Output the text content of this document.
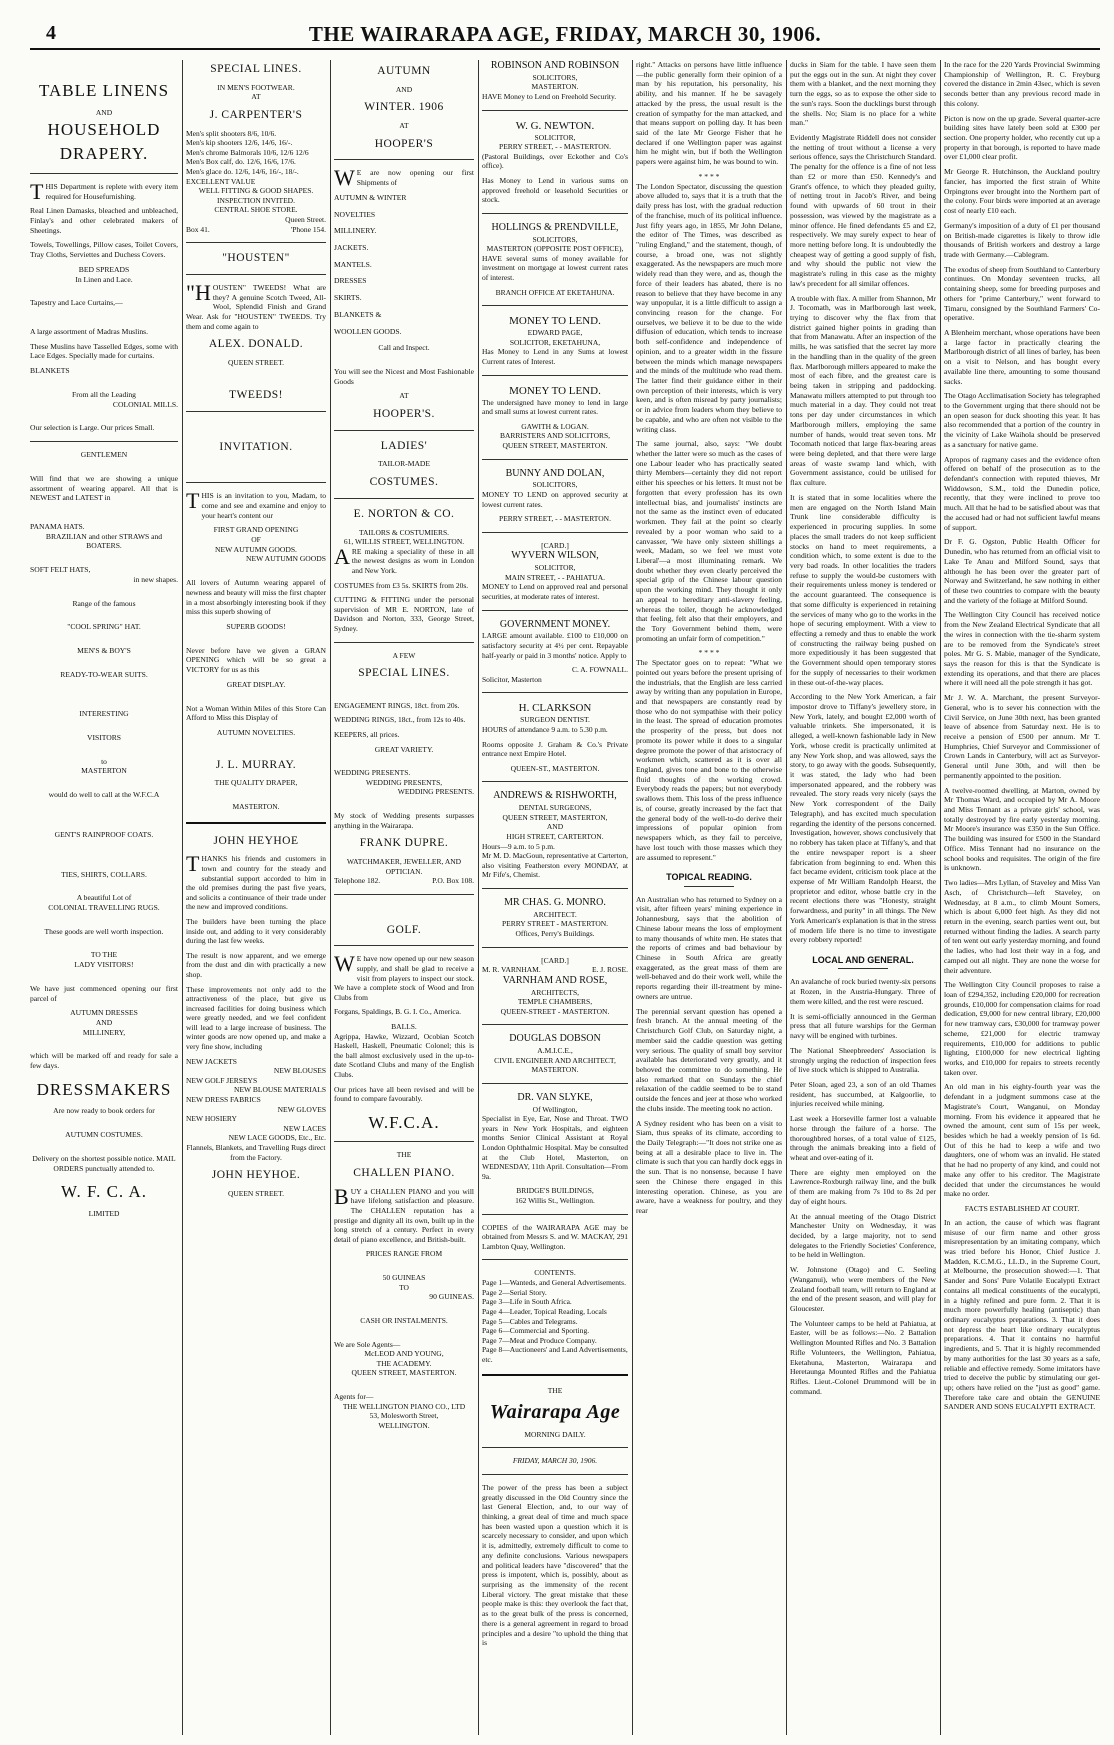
4	THE WAIRARAPA AGE, FRIDAY, MARCH 30, 1906.
TABLE LINENS
AND
HOUSEHOLD
DRAPERY.

THIS Department is replete with every item required for Housefurnishing.

Real Linen Damasks, bleached and unbleached, Finlay's and other celebrated makers of Sheetings.

Towels, Towellings, Pillow cases, Toilet Covers, Tray Cloths, Serviettes and Duchess Covers.

BED SPREADS
In Linen and Lace.

Tapestry and Lace Curtains,—

A large assortment of Madras Muslins.

These Muslins have Tasselled Edges, some with Lace Edges. Specially made for curtains.

BLANKETS
From all the Leading
COLONIAL MILLS.

Our selection is Large. Our prices Small.

GENTLEMEN

Will find that we are showing a unique assortment of wearing apparel. All that is NEWEST and LATEST in

PANAMA HATS.
BRAZILIAN and other STRAWS and BOATERS.
SOFT FELT HATS,
in new shapes.
Range of the famous
"COOL SPRING" HAT.
MEN'S & BOY'S
READY-TO-WEAR SUITS.
INTERESTING
VISITORS
to
MASTERTON
would do well to call at the W.F.C.A
GENT'S RAINPROOF COATS.
TIES, SHIRTS, COLLARS.
A beautiful Lot of
COLONIAL TRAVELLING RUGS.
These goods are well worth inspection.
TO THE
LADY VISITORS!

We have just commenced opening our first parcel of

AUTUMN DRESSES
AND
MILLINERY,

which will be marked off and ready for sale a few days.

DRESSMAKERS
Are now ready to book orders for
AUTUMN COSTUMES.

Delivery on the shortest possible notice. MAIL ORDERS punctually attended to.

W. F. C. A.
LIMITED
SPECIAL LINES.
IN MEN'S FOOTWEAR.
AT
J. CARPENTER'S
Men's split shooters 8/6, 10/6.
Men's kip shooters 12/6, 14/6, 16/-.
Men's chrome Balmorals 10/6, 12/6 12/6
Men's Box calf, do. 12/6, 16/6, 17/6.
Men's glace do. 12/6, 14/6, 16/-, 18/-.
EXCELLENT VALUE
WELL FITTING & GOOD SHAPES.
INSPECTION INVITED.
CENTRAL SHOE STORE.
Queen Street.
Box 41.	'Phone 154.
"HOUSTEN"

"HOUSTEN" TWEEDS! What are they? A genuine Scotch Tweed, All-Wool, Splendid Finish and Grand Wear. Ask for "HOUSTEN" TWEEDS. Try them and come again to

ALEX. DONALD.
QUEEN STREET.
TWEEDS!
INVITATION.

THIS is an invitation to you, Madam, to come and see and examine and enjoy to your heart's content our

FIRST GRAND OPENING
OF
NEW AUTUMN GOODS.
NEW AUTUMN GOODS

All lovers of Autumn wearing apparel of newness and beauty will miss the first chapter in a most absorbingly interesting book if they miss this superb showing of

SUPERB GOODS!

Never before have we given a GRAN OPENING which will be so great a VICTORY for us as this

GREAT DISPLAY.

Not a Woman Within Miles of this Store Can Afford to Miss this Display of

AUTUMN NOVELTIES.
J. L. MURRAY.
THE QUALITY DRAPER,
MASTERTON.
JOHN HEYHOE

THANKS his friends and customers in town and country for the steady and substantial support accorded to him in the old premises during the past five years, and solicits a continuance of their trade under the new and improved conditions.

The builders have been turning the place inside out, and adding to it very considerably during the last few weeks.

The result is now apparent, and we emerge from the dust and din with practically a new shop.

These improvements not only add to the attractiveness of the place, but give us increased facilities for doing business which were greatly needed, and we feel confident will lead to a large increase of business. The winter goods are now opened up, and make a very fine show, including

NEW JACKETS
NEW BLOUSES
NEW GOLF JERSEYS
NEW BLOUSE MATERIALS
NEW DRESS FABRICS
NEW GLOVES
NEW HOSIERY
NEW LACES
NEW LACE GOODS, Etc., Etc.

Flannels, Blankets, and Travelling Rugs direct from the Factory.

JOHN HEYHOE.
QUEEN STREET.
AUTUMN
AND
WINTER. 1906
AT
HOOPER'S

WE are now opening our first Shipments of

AUTUMN & WINTER
NOVELTIES
MILLINERY.
JACKETS.
MANTELS.
DRESSES
SKIRTS.
BLANKETS &
WOOLLEN GOODS.
Call and Inspect.

You will see the Nicest and Most Fashionable Goods

AT
HOOPER'S.
LADIES'
TAILOR-MADE
COSTUMES.
E. NORTON & CO.
TAILORS & COSTUMIERS.
61, WILLIS STREET, WELLINGTON.

ARE making a speciality of these in all the newest designs as worn in London and New York.

COSTUMES from £3 5s. SKIRTS from 20s.

CUTTING & FITTING under the personal supervision of MR E. NORTON, late of Davidson and Norton, 333, George Street, Sydney.

A FEW
SPECIAL LINES.

ENGAGEMENT RINGS, 18ct. from 20s.

WEDDING RINGS, 18ct., from 12s to 40s.

KEEPERS, all prices.

GREAT VARIETY.
WEDDING PRESENTS.
WEDDING PRESENTS,
WEDDING PRESENTS.

My stock of Wedding presents surpasses anything in the Wairarapa.

FRANK DUPRE.
WATCHMAKER, JEWELLER, AND OPTICIAN.
Telephone 182.	P.O. Box 108.
GOLF.

WE have now opened up our new season supply, and shall be glad to receive a visit from players to inspect our stock. We have a complete stock of Wood and Iron Clubs from

Forgans, Spaldings, B. G. I. Co., America.

BALLS.

Agrippa, Hawke, Wizzard, Ocobian Scotch Haskell, Haskell, Pneumatic Colonel; this is the ball almost exclusively used in the up-to-date Scotland Clubs and many of the English Clubs.

Our prices have all been revised and will be found to compare favourably.

W.F.C.A.
THE
CHALLEN PIANO.

BUY a CHALLEN PIANO and you will have lifelong satisfaction and pleasure. The CHALLEN reputation has a prestige and dignity all its own, built up in the long stretch of a century. Perfect in every detail of piano excellence, and British-built.

PRICES RANGE FROM
50 GUINEAS
TO
90 GUINEAS.
CASH OR INSTALMENTS.
We are Sole Agents—
McLEOD AND YOUNG,
THE ACADEMY.
QUEEN STREET, MASTERTON.
Agents for—
THE WELLINGTON PIANO CO., LTD
53, Molesworth Street,
WELLINGTON.
ROBINSON AND ROBINSON
SOLICITORS,
MASTERTON.

HAVE Money to Lend on Freehold Security.

W. G. NEWTON.
SOLICITOR,
PERRY STREET, - - MASTERTON.

(Pastoral Buildings, over Eckother and Co's office).

Has Money to Lend in various sums on approved freehold or leasehold Securities or stock.

HOLLINGS & PRENDVILLE,
SOLICITORS,
MASTERTON (OPPOSITE POST OFFICE),

HAVE several sums of money available for investment on mortgage at lowest current rates of interest.

BRANCH OFFICE AT EKETAHUNA.
MONEY TO LEND.
EDWARD PAGE,
SOLICITOR, EKETAHUNA,

Has Money to Lend in any Sums at lowest Current rates of Interest.

MONEY TO LEND.

The undersigned have money to lend in large and small sums at lowest current rates.

GAWITH & LOGAN.
BARRISTERS AND SOLICITORS,
QUEEN STREET, MASTERTON.
BUNNY AND DOLAN,
SOLICITORS,

MONEY TO LEND on approved security at lowest current rates.

PERRY STREET, - - MASTERTON.
[CARD.]
WYVERN WILSON,
SOLICITOR,
MAIN STREET, - - PAHIATUA.

MONEY to Lend on approved real and personal securities, at moderate rates of interest.

GOVERNMENT MONEY.

LARGE amount available. £100 to £10,000 on satisfactory security at 4½ per cent. Repayable half-yearly or paid in 3 months' notice. Apply to

C. A. FOWNALL.
Solicitor, Masterton
H. CLARKSON
SURGEON DENTIST.

HOURS of attendance 9 a.m. to 5.30 p.m.

Rooms opposite J. Graham & Co.'s Private entrance next Empire Hotel.

QUEEN-ST., MASTERTON.
ANDREWS & RISHWORTH,
DENTAL SURGEONS,
QUEEN STREET, MASTERTON,
AND
HIGH STREET, CARTERTON.
Hours—9 a.m. to 5 p.m.

Mr M. D. MacGoun, representative at Carterton, also visiting Featherston every MONDAY, at Mr Fife's, Chemist.

MR CHAS. G. MONRO.
ARCHITECT.
PERRY STREET - MASTERTON.
Offices, Perry's Buildings.
[CARD.]
M. R. VARNHAM.	E. J. ROSE.
VARNHAM AND ROSE,
ARCHITECTS,
TEMPLE CHAMBERS,
QUEEN-STREET - MASTERTON.
DOUGLAS DOBSON
A.M.I.C.E.,
CIVIL ENGINEER AND ARCHITECT,
MASTERTON.
DR. VAN SLYKE,
Of Wellington,

Specialist in Eye, Ear, Nose and Throat. TWO years in New York Hospitals, and eighteen months Senior Clinical Assistant at Royal London Ophthalmic Hospital. May be consulted at the Club Hotel, Masterton, on WEDNESDAY, 11th April. Consultation—From 9a.

BRIDGE'S BUILDINGS,
162 Willis St., Wellington.

COPIES of the WAIRARAPA AGE may be obtained from Messrs S. and W. MACKAY, 291 Lambton Quay, Wellington.

CONTENTS.
Page 1—Wanteds, and General Advertisements.
Page 2—Serial Story.
Page 3—Life in South Africa.
Page 4—Leader, Topical Reading, Locals
Page 5—Cables and Telegrams.
Page 6—Commercial and Sporting.
Page 7—Meat and Produce Company.
Page 8—Auctioneers' and Land Advertisements, etc.
THE
Wairarapa Age
MORNING DAILY.
FRIDAY, MARCH 30, 1906.

The power of the press has been a subject greatly discussed in the Old Country since the last General Election, and, to our way of thinking, a great deal of time and much space has been wasted upon a question which it is scarcely necessary to consider, and upon which it is, admittedly, extremely difficult to come to any definite conclusions. Various newspapers and political leaders have "discovered" that the press is impotent, which is, possibly, about as surprising as the immensity of the recent Liberal victory. The great mistake that these people make is this: they overlook the fact that, as to the great bulk of the press is concerned, there is a general agreement in regard to broad principles and a desire "to uphold the thing that is

right." Attacks on persons have little influence—the public generally form their opinion of a man by his reputation, his personality, his ability, and his manner. If he be savagely attacked by the press, the usual result is the creation of sympathy for the man attacked, and that means support on polling day. It has been said of the late Mr George Fisher that he declared if one Wellington paper was against him he might win, but if both the Wellington papers were against him, he was bound to win.

* * * *

The London Spectator, discussing the question above alluded to, says that it is a truth that the daily press has lost, with the gradual reduction of the franchise, much of its political influence. Just fifty years ago, in 1855, Mr John Delane, the editor of The Times, was described as "ruling England," and the statement, though, of course, a broad one, was not slightly exaggerated. As the newspapers are much more widely read than they were, and as, though the force of their leaders has abated, there is no reason to believe that they have become in any way unpopular, it is a little difficult to assign a convincing reason for the change. For ourselves, we believe it to be due to the wide diffusion of education, which tends to increase both self-confidence and independence of opinion, and to a greater width in the fissure between the minds which manage newspapers and the minds of the multitude who read them. The latter find their guidance either in their own perception of their interests, which is very keen, and is often misread by party journalists; or in advice from leaders whom they believe to be capable, and who are often not visible to the writing class.

The same journal, also, says: "We doubt whether the latter were so much as the cases of one Labour leader who has practically seated thirty Members—certainly they did not report either his speeches or his letters. It must not be forgotten that every profession has its own intellectual bias, and journalists' instincts are not the same as the instinct even of educated workmen. They fail at the point so clearly revealed by a poor woman who said to a canvasser, 'We have only sixteen shillings a week, Madam, so we feel we must vote Liberal'—a most illuminating remark. We doubt whether they even clearly perceived the special grip of the Chinese labour question upon the working mind. They thought it only an appeal to hereditary anti-slavery feeling, whereas the toiler, though he acknowledged that feeling, felt also that their employers, and the Tory Government behind them, were promoting an unfair form of competition."

* * * *

The Spectator goes on to repeat: "What we pointed out years before the present uprising of the industrials, that the English are less carried away by writing than any population in Europe, and that newspapers are constantly read by those who do not sympathise with their policy in the least. The spread of education promotes the prosperity of the press, but does not promote its power while it does to a singular degree promote the power of that aristocracy of workmen which, scattered as it is over all England, gives tone and bone to the otherwise fluid thoughts of the working crowd. Everybody reads the papers; but not everybody swallows them. This loss of the press influence is, of course, greatly increased by the fact that the general body of the well-to-do derive their impressions of popular opinion from newspapers which, as they fail to perceive, have lost touch with those masses which they are assumed to represent."

TOPICAL READING.

An Australian who has returned to Sydney on a visit, after fifteen years' mining experience in Johannesburg, says that the abolition of Chinese labour means the loss of employment to many thousands of white men. He states that the reports of crimes and bad behaviour by Chinese in South Africa are greatly exaggerated, as the great mass of them are well-behaved and do their work well, while the reports regarding their ill-treatment by mine-owners are untrue.

The perennial servant question has opened a fresh branch. At the annual meeting of the Christchurch Golf Club, on Saturday night, a member said the caddie question was getting very serious. The quality of small boy servitor available has deteriorated very greatly, and it behoved the committee to do something. He also remarked that on Sundays the chief relaxation of the caddie seemed to be to stand outside the fences and jeer at those who worked the clubs inside. The meeting took no action.

A Sydney resident who has been on a visit to Siam, thus speaks of its climate, according to the Daily Telegraph:—"It does not strike one as being at all a desirable place to live in. The climate is such that you can hardly dock eggs in the sun. That is no nonsense, because I have seen the Chinese there engaged in this interesting operation. Chinese, as you are aware, have a weakness for poultry, and they rear

ducks in Siam for the table. I have seen them put the eggs out in the sun. At night they cover them with a blanket, and the next morning they turn the eggs, so as to expose the other side to the sun's rays. Soon the ducklings burst through the shells. No; Siam is no place for a white man."

Evidently Magistrate Riddell does not consider the netting of trout without a license a very serious offence, says the Christchurch Standard. The penalty for the offence is a fine of not less than £2 or more than £50. Kennedy's and Grant's offence, to which they pleaded guilty, of netting trout in Jacob's River, and being found with upwards of 60 trout in their possession, was viewed by the magistrate as a minor offence. He fined defendants £5 and £2, respectively. We may surely expect to hear of more netting before long. It is undoubtedly the cheapest way of getting a good supply of fish, and why should the public not view the magistrate's ruling in this case as the mighty law's precedent for all similar offences.

A trouble with flax. A miller from Shannon, Mr J. Tocomath, was in Marlborough last week, trying to discover why the flax from that district gained higher points in grading than that from Manawatu. After an inspection of the mills, he was satisfied that the secret lay more in the handling than in the quality of the green flax. Marlborough millers appeared to make the most of each fibre, and the greatest care is being taken in stripping and paddocking. Manawatu millers attempted to put through too much material in a day. They could not treat tons per day under circumstances in which Marlborough millers, employing the same number of hands, would treat seven tons. Mr Tocomath noticed that large flax-bearing areas were being depleted, and that there were large areas of waste swamp land which, with Government assistance, could be utilised for flax culture.

It is stated that in some localities where the men are engaged on the North Island Main Trunk line considerable difficulty is experienced in procuring supplies. In some places the small traders do not keep sufficient stocks on hand to meet requirements, a condition which, to some extent is due to the very bad roads. In other localities the traders refuse to supply the would-be customers with their requirements unless money is tendered or the account guaranteed. The consequence is that some difficulty is experienced in retaining the services of many who go to the works in the hope of securing employment. With a view to effecting a remedy and thus to enable the work of constructing the railway being pushed on more expeditiously it has been suggested that the Government should open temporary stores for the supply of necessaries to their workmen in these out-of-the-way places.

According to the New York American, a fair impostor drove to Tiffany's jewellery store, in New York, lately, and bought £2,000 worth of valuable trinkets. She impersonated, it is alleged, a well-known fashionable lady in New York, whose credit is practically unlimited at any New York shop, and was allowed, says the story, to go away with the goods. Subsequently, it was stated, the lady who had been impersonated appeared, and the robbery was revealed. The story reads very nicely (says the New York correspondent of the Daily Telegraph), and has excited much speculation regarding the identity of the persons concerned. Investigation, however, shows conclusively that no robbery has taken place at Tiffany's, and that the entire newspaper report is a sheer fabrication from beginning to end. When this fact became evident, criticism took place at the expense of Mr William Randolph Hearst, the proprietor and editor, whose battle cry in the recent elections there was "Honesty, straight forwardness, and purity" in all things. The New York American's explanation is that in the stress of modern life there is no time to investigate every robbery reported!

LOCAL AND GENERAL.

An avalanche of rock buried twenty-six persons at Rozen, in the Austria-Hungary. Three of them were killed, and the rest were rescued.

It is semi-officially announced in the German press that all future warships for the German navy will be engined with turbines.

The National Sheepbreeders' Association is strongly urging the reduction of inspection fees of live stock which is shipped to Australia.

Peter Sloan, aged 23, a son of an old Thames resident, has succumbed, at Kalgoorlie, to injuries received while mining.

Last week a Horseville farmer lost a valuable horse through the failure of a horse. The thoroughbred horses, of a total value of £125, through the animals breaking into a field of wheat and over-eating of it.

There are eighty men employed on the Lawrence-Roxburgh railway line, and the bulk of them are making from 7s 10d to 8s 2d per day of eight hours.

At the annual meeting of the Otago District Manchester Unity on Wednesday, it was decided, by a large majority, not to send delegates to the Friendly Societies' Conference, to be held in Wellington.

W. Johnstone (Otago) and C. Seeling (Wanganui), who were members of the New Zealand football team, will return to England at the end of the present season, and will play for Gloucester.

The Volunteer camps to be held at Pahiatua, at Easter, will be as follows:—No. 2 Battalion Wellington Mounted Rifles and No. 3 Battalion Rifle Volunteers, the Wellington, Pahiatua, Eketahuna, Masterton, Wairarapa and Heretaunga Mounted Rifles and the Pahiatua Rifles. Lieut.-Colonel Drummond will be in command.

In the race for the 220 Yards Provincial Swimming Championship of Wellington, R. C. Freyburg covered the distance in 2min 43sec, which is seven seconds better than any previous record made in this colony.

Picton is now on the up grade. Several quarter-acre building sites have lately been sold at £300 per section. One property holder, who recently cut up a property in that borough, is reported to have made over £1,000 clear profit.

Mr George R. Hutchinson, the Auckland poultry fancier, has imported the first strain of White Orpingtons ever brought into the Northern part of the colony. Four birds were imported at an average cost of nearly £10 each.

Germany's imposition of a duty of £1 per thousand on British-made cigarettes is likely to throw idle thousands of British workers and destroy a large trade with Germany.—Cablegram.

The exodus of sheep from Southland to Canterbury continues. On Monday seventeen trucks, all containing sheep, some for breeding purposes and others for "prime Canterbury," went forward to Timaru, consigned by the Southland Farmers' Co-operative.

A Blenheim merchant, whose operations have been a large factor in practically clearing the Marlborough district of all lines of barley, has been on a visit to Nelson, and has bought every available line there, amounting to some thousand sacks.

The Otago Acclimatisation Society has telegraphed to the Government urging that there should not be an open season for duck shooting this year. It has also recommended that a portion of the country in the vicinity of Lake Waihola should be preserved as a sanctuary for native game.

Apropos of ragmany cases and the evidence often offered on behalf of the prosecution as to the defendant's connection with reputed thieves, Mr Widdowson, S.M., told the Dunedin police, recently, that they were inclined to prove too much. All that he had to be satisfied about was that the accused had or had not sufficient lawful means of support.

Dr F. G. Ogston, Public Health Officer for Dunedin, who has returned from an official visit to Lake Te Anau and Milford Sound, says that although he has been over the greater part of Norway and Switzerland, he saw nothing in either of these two countries to compare with the beauty and the variety of the foliage at Milford Sound.

The Wellington City Council has received notice from the New Zealand Electrical Syndicate that all the wires in connection with the tie-sharm system are to be removed from the Syndicate's street poles. Mr G. S. Mabie, manager of the Syndicate, says the reason for this is that the Syndicate is extending its operations, and that there are places where it will need all the pole strength it has got.

Mr J. W. A. Marchant, the present Surveyor-General, who is to sever his connection with the Civil Service, on June 30th next, has been granted leave of absence from Saturday next. He is to receive a pension of £500 per annum. Mr T. Humphries, Chief Surveyor and Commissioner of Crown Lands in Canterbury, will act as Surveyor-General until June 30th, and will then be permanently appointed to the position.

A twelve-roomed dwelling, at Marton, owned by Mr Thomas Ward, and occupied by Mr A. Moore and Miss Tennant as a private girls' school, was totally destroyed by fire early yesterday morning. Mr Moore's insurance was £350 in the Sun Office. The building was insured for £500 in the Standard Office. Miss Tennant had no insurance on the school books and requisites. The origin of the fire is unknown.

Two ladies—Mrs Lyllan, of Staveley and Miss Van Asch, of Christchurch—left Staveley, on Wednesday, at 8 a.m., to climb Mount Somers, which is about 6,000 feet high. As they did not return in the evening, search parties went out, but returned without finding the ladies. A search party of ten went out early yesterday morning, and found the ladies, who had lost their way in a fog, and camped out all night. They are none the worse for their adventure.

The Wellington City Council proposes to raise a loan of £294,352, including £20,000 for recreation grounds, £10,000 for compensation claims for road dedication, £9,000 for new central library, £20,000 for new tramway cars, £30,000 for tramway power scheme, £21,000 for electric tramway requirements, £10,000 for additions to public lighting, £100,000 for new electrical lighting works, and £10,000 for repairs to streets recently taken over.

An old man in his eighty-fourth year was the defendant in a judgment summons case at the Magistrate's Court, Wanganui, on Monday morning. From his evidence it appeared that he owned the amount, cent sum of 15s per week, besides which he had a weekly pension of 1s 6d. Out of this he had to keep a wife and two daughters, one of whom was an invalid. He stated that he had no property of any kind, and could not make any offer to his creditor. The Magistrate decided that under the circumstances he would make no order.

FACTS ESTABLISHED AT COURT.

In an action, the cause of which was flagrant misuse of our firm name and other gross misrepresentation by an imitating company, which was tried before his Honor, Chief Justice J. Madden, K.C.M.G., LL.D., in the Supreme Court, at Melbourne, the prosecution showed:—1. That Sander and Sons' Pure Volatile Eucalypti Extract contains all medical constituents of the eucalypti, in a highly refined and pure form. 2. That it is much more powerfully healing (antiseptic) than ordinary eucalyptus preparations. 3. That it does not depress the heart like ordinary eucalyptus preparations. 4. That it contains no harmful ingredients, and 5. That it is highly recommended by many authorities for the last 30 years as a safe, reliable and effective remedy. Some imitators have tried to deceive the public by stimulating our get-up; others have relied on the "just as good" game. Therefore take care and obtain the GENUINE SANDER AND SONS EUCALYPTI EXTRACT.
